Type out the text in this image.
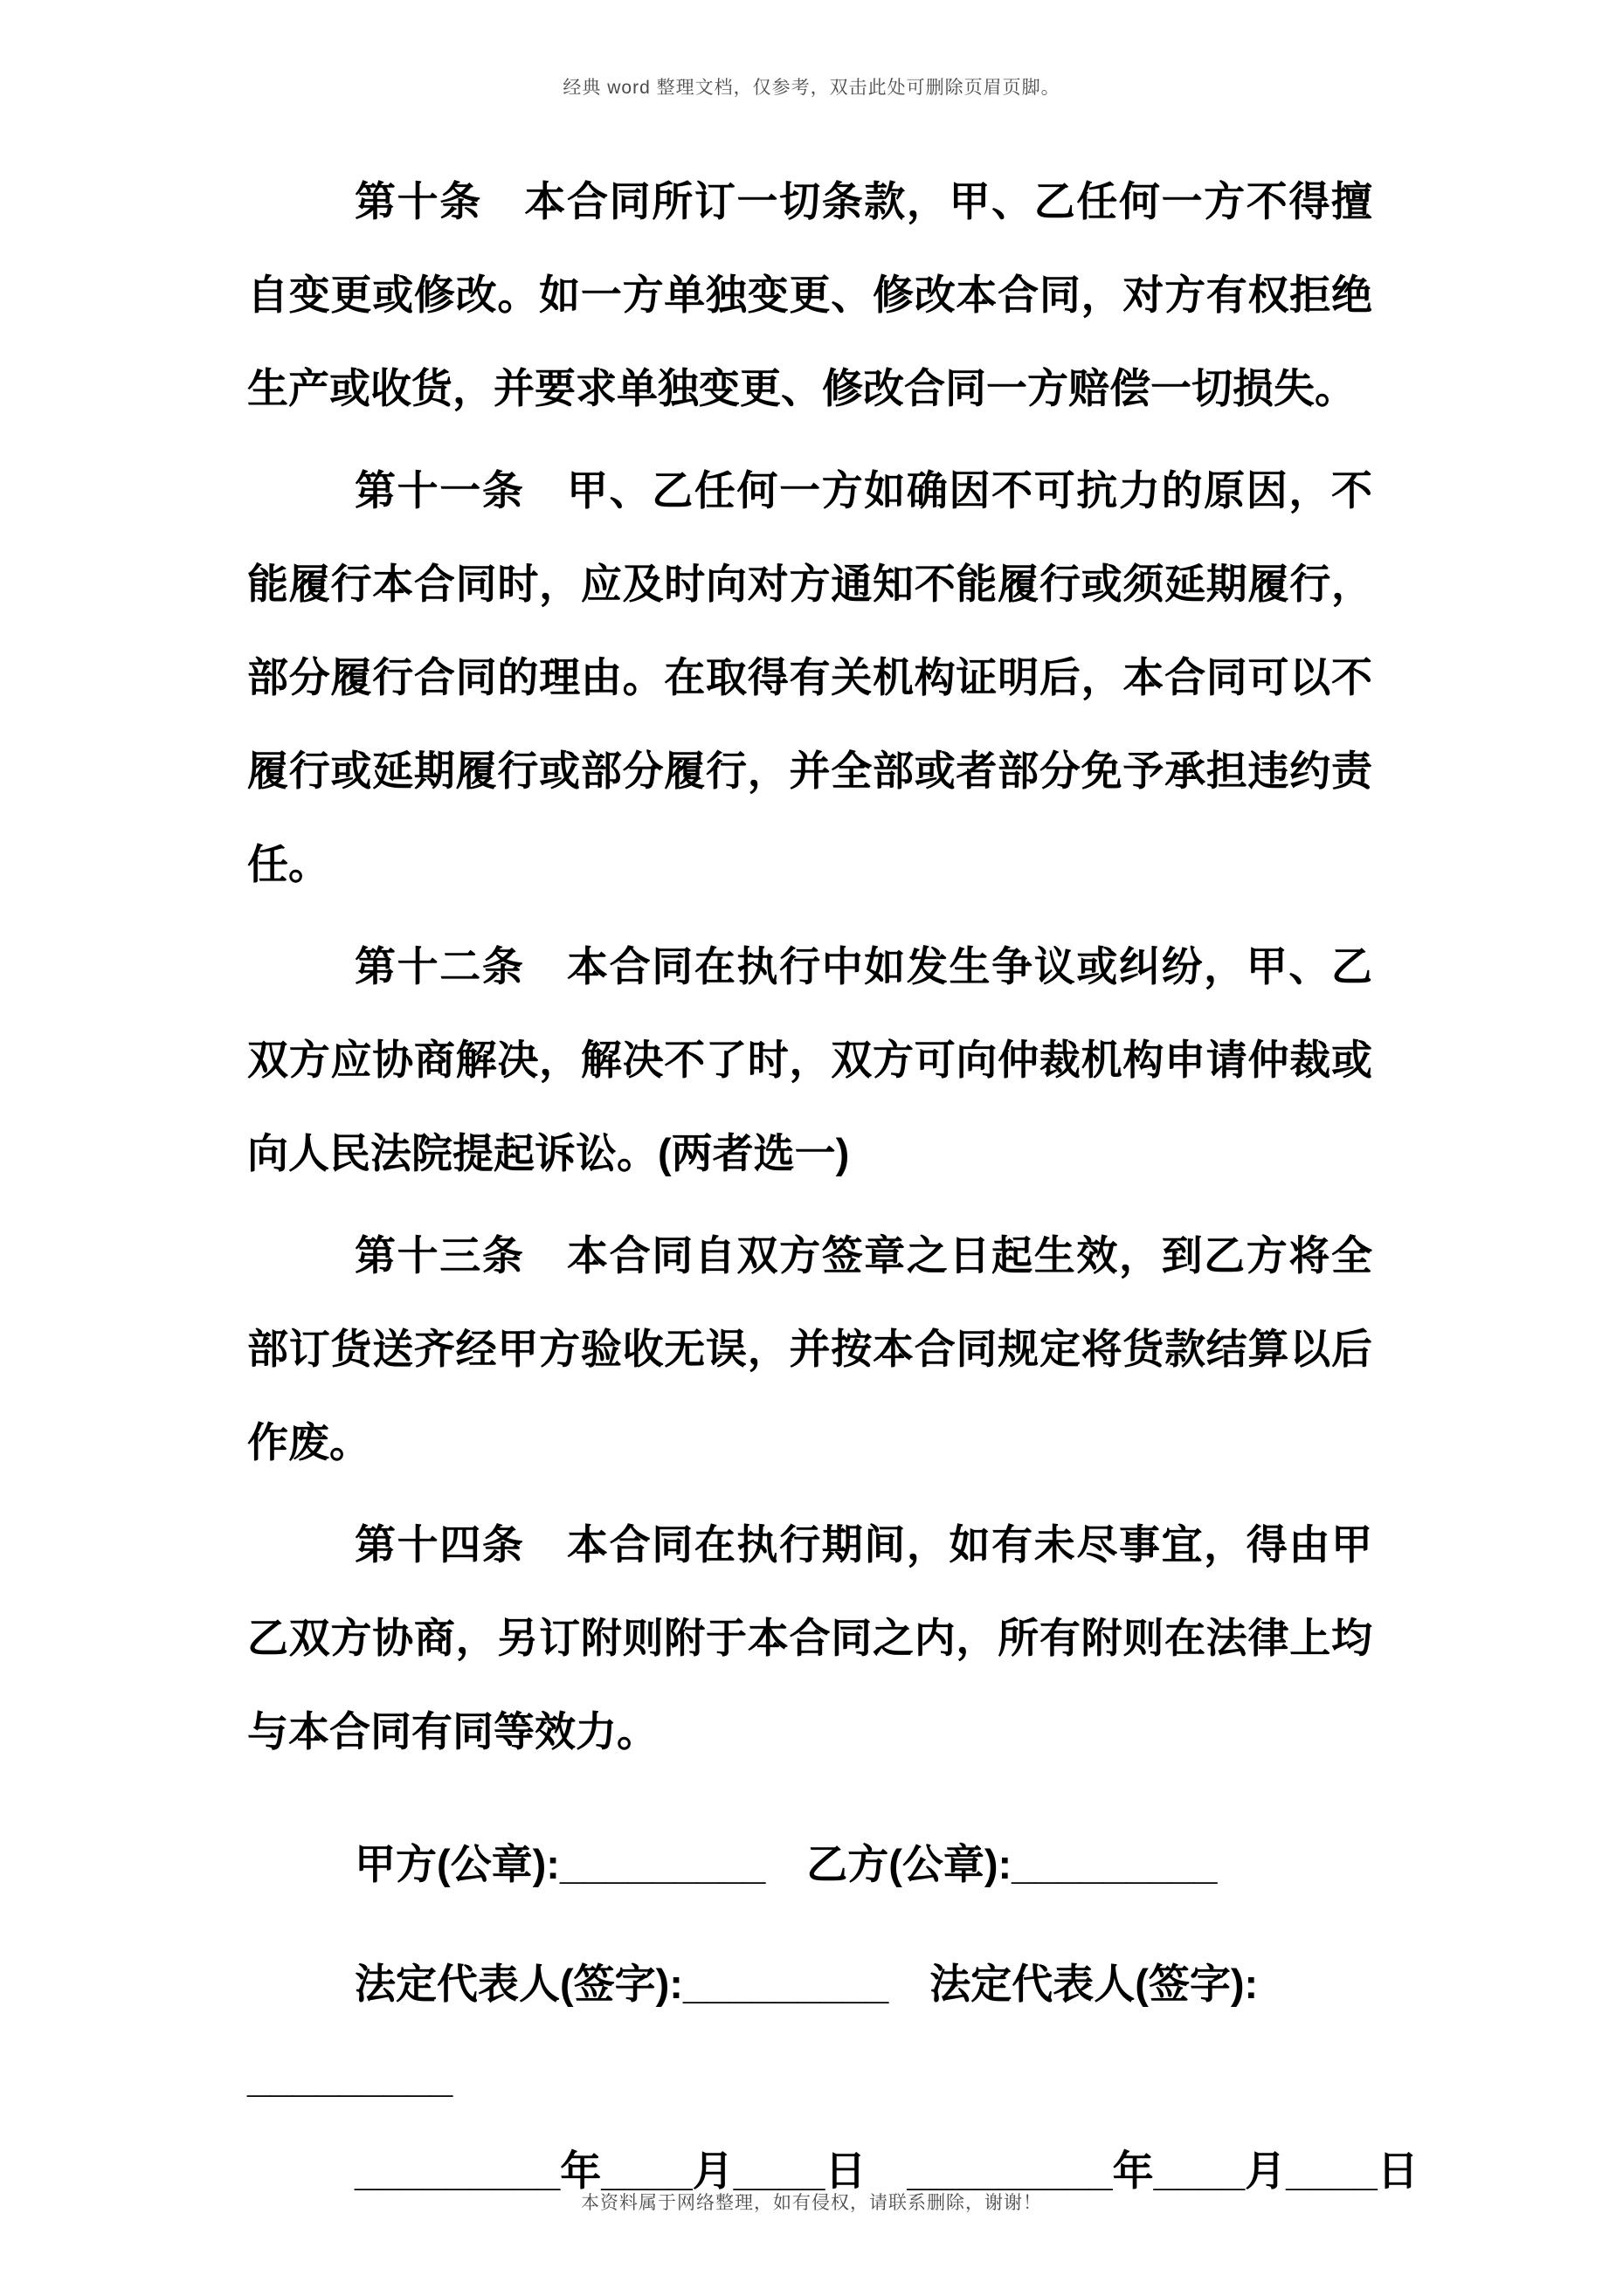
经典 word 整理文档，仅参考，双击此处可删除页眉页脚。

第十条　本合同所订一切条款，甲、乙任何一方不得擅自变更或修改。如一方单独变更、修改本合同，对方有权拒绝生产或收货，并要求单独变更、修改合同一方赔偿一切损失。

第十一条　甲、乙任何一方如确因不可抗力的原因，不能履行本合同时，应及时向对方通知不能履行或须延期履行，部分履行合同的理由。在取得有关机构证明后，本合同可以不履行或延期履行或部分履行，并全部或者部分免予承担违约责任。

第十二条　本合同在执行中如发生争议或纠纷，甲、乙双方应协商解决，解决不了时，双方可向仲裁机构申请仲裁或向人民法院提起诉讼。(两者选一)

第十三条　本合同自双方签章之日起生效，到乙方将全部订货送齐经甲方验收无误，并按本合同规定将货款结算以后作废。

第十四条　本合同在执行期间，如有未尽事宜，得由甲乙双方协商，另订附则附于本合同之内，所有附则在法律上均与本合同有同等效力。

甲方(公章):_________　乙方(公章):_________

法定代表人(签字):_________　法定代表人(签字):

_________

_________年____月____日　_________年____月____日

本资料属于网络整理，如有侵权，请联系删除，谢谢！
